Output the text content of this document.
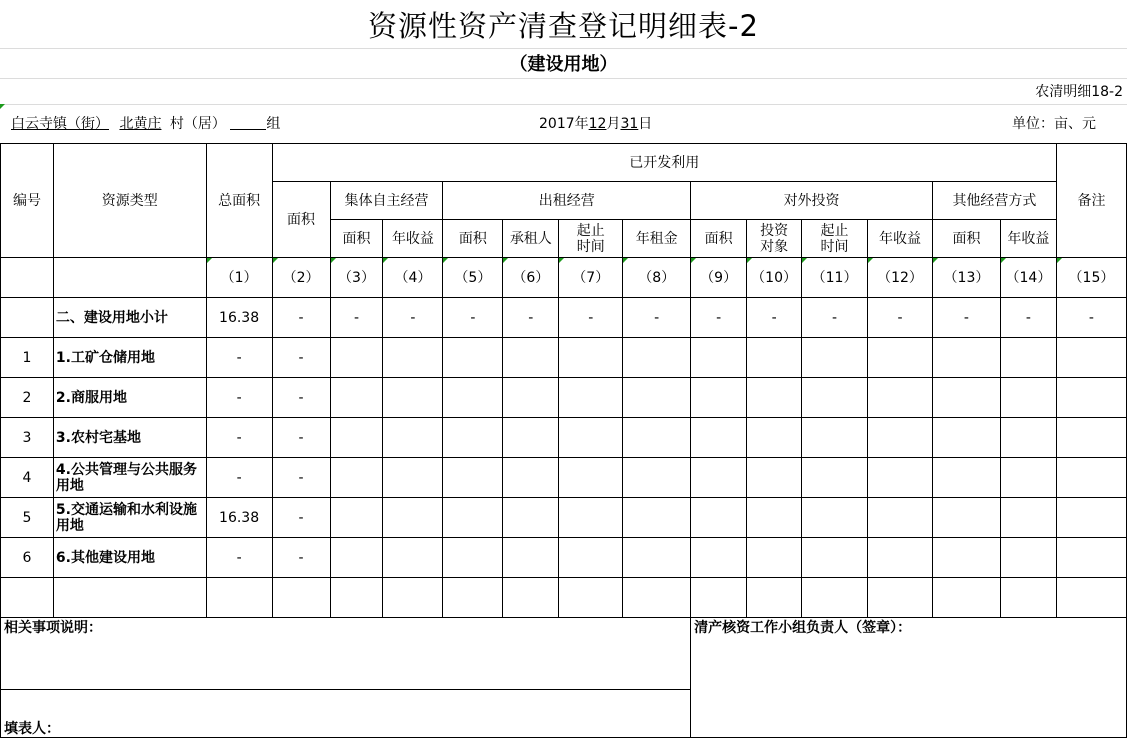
资源性资产清查登记明细表-2
（建设用地）
农清明细18-2
白云寺镇（街） 北黄庄 村（居）	组	2017年12月31日	单位：亩、元
编号	资源类型	总面积	已开发利用													备注
			面积	集体自主经营		出租经营				对外投资				其他经营方式		
				面积	年收益	面积	承租人	起止时间	年租金	面积	投资对象	起止时间	年收益	面积	年收益	
		（1）	（2）	（3）	（4）	（5）	（6）	（7）	（8）	（9）	（10）	（11）	（12）	（13）	（14）	（15）
	二、建设用地小计	16.38	-	-	-	-	-	-	-	-	-	-	-	-	-	-
1	1.工矿仓储用地	-	-													
2	2.商服用地	-	-													
3	3.农村宅基地	-	-													
4	4.公共管理与公共服务用地	-	-													
5	5.交通运输和水利设施用地	16.38	-													
6	6.其他建设用地	-	-													

相关事项说明：										清产核资工作小组负责人（签章）：						
填表人：																
